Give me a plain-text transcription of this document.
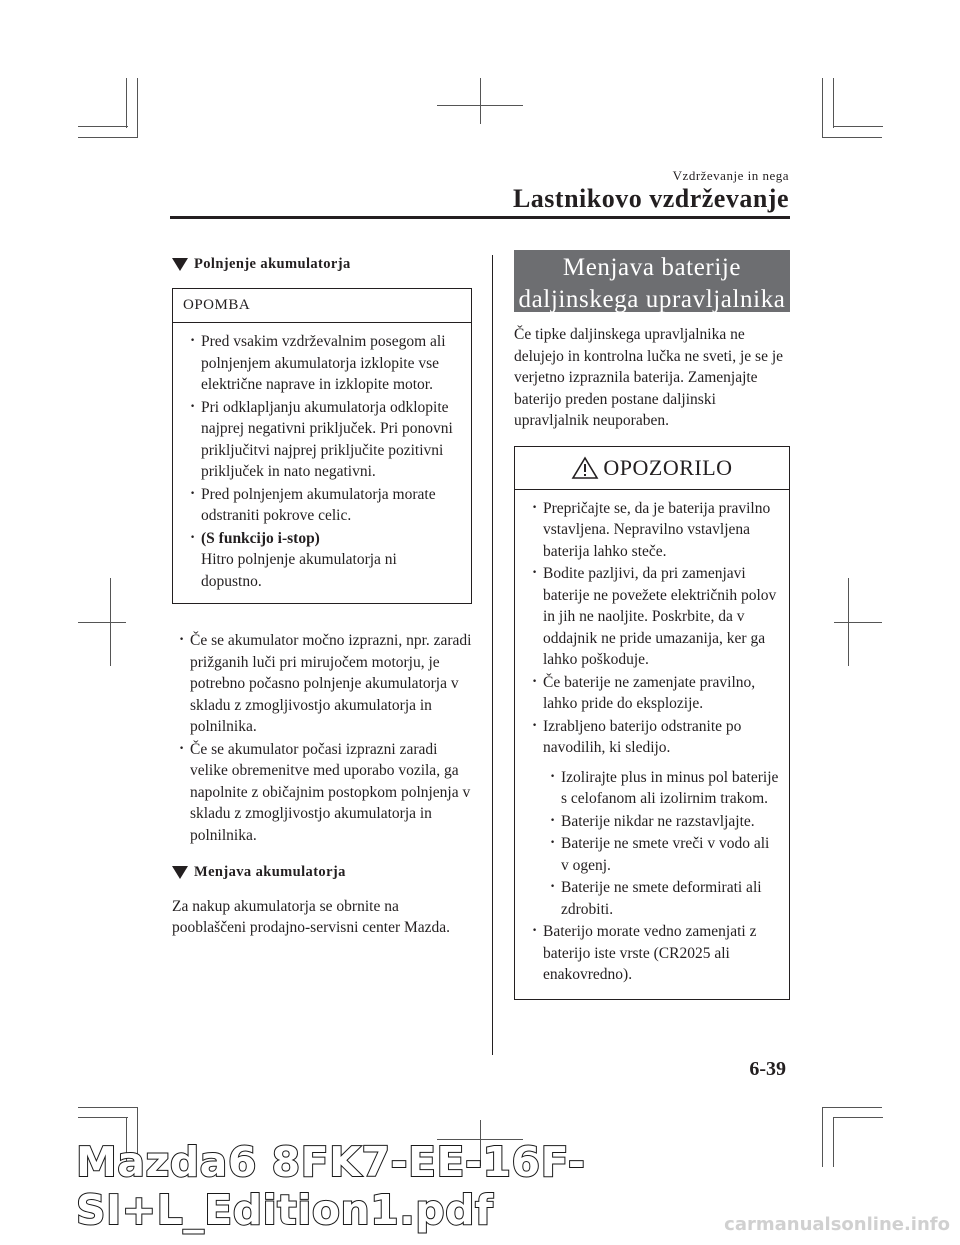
Vzdrževanje in nega
Lastnikovo vzdrževanje
Polnjenje akumulatorja
OPOMBA

· Pred vsakim vzdrževalnim posegom ali polnjenjem akumulatorja izklopite vse električne naprave in izklopite motor.

· Pri odklapljanju akumulatorja odklopite najprej negativni priključek. Pri ponovni priključitvi najprej priključite pozitivni priključek in nato negativni.

· Pred polnjenjem akumulatorja morate odstraniti pokrove celic.

· (S funkcijo i-stop)
Hitro polnjenje akumulatorja ni dopustno.

· Če se akumulator močno izprazni, npr. zaradi prižganih luči pri mirujočem motorju, je potrebno počasno polnjenje akumulatorja v skladu z zmogljivostjo akumulatorja in polnilnika.

· Če se akumulator počasi izprazni zaradi velike obremenitve med uporabo vozila, ga napolnite z običajnim postopkom polnjenja v skladu z zmogljivostjo akumulatorja in polnilnika.

Menjava akumulatorja

Za nakup akumulatorja se obrnite na pooblaščeni prodajno-servisni center Mazda.

Menjava baterije
daljinskega upravljalnika

Če tipke daljinskega upravljalnika ne delujejo in kontrolna lučka ne sveti, je se je verjetno izpraznila baterija. Zamenjajte baterijo preden postane daljinski upravljalnik neuporaben.

OPOZORILO

· Prepričajte se, da je baterija pravilno vstavljena. Nepravilno vstavljena baterija lahko steče.

· Bodite pazljivi, da pri zamenjavi baterije ne povežete električnih polov in jih ne naoljite. Poskrbite, da v oddajnik ne pride umazanija, ker ga lahko poškoduje.

· Če baterije ne zamenjate pravilno, lahko pride do eksplozije.

· Izrabljeno baterijo odstranite po navodilih, ki sledijo.

· Izolirajte plus in minus pol baterije s celofanom ali izolirnim trakom.

· Baterije nikdar ne razstavljajte.

· Baterije ne smete vreči v vodo ali v ogenj.

· Baterije ne smete deformirati ali zdrobiti.

· Baterijo morate vedno zamenjati z baterijo iste vrste (CR2025 ali enakovredno).

6-39
Mazda6 8FK7-EE-16F-SI+L_Edition1.pdf	carmanualsonline.info
